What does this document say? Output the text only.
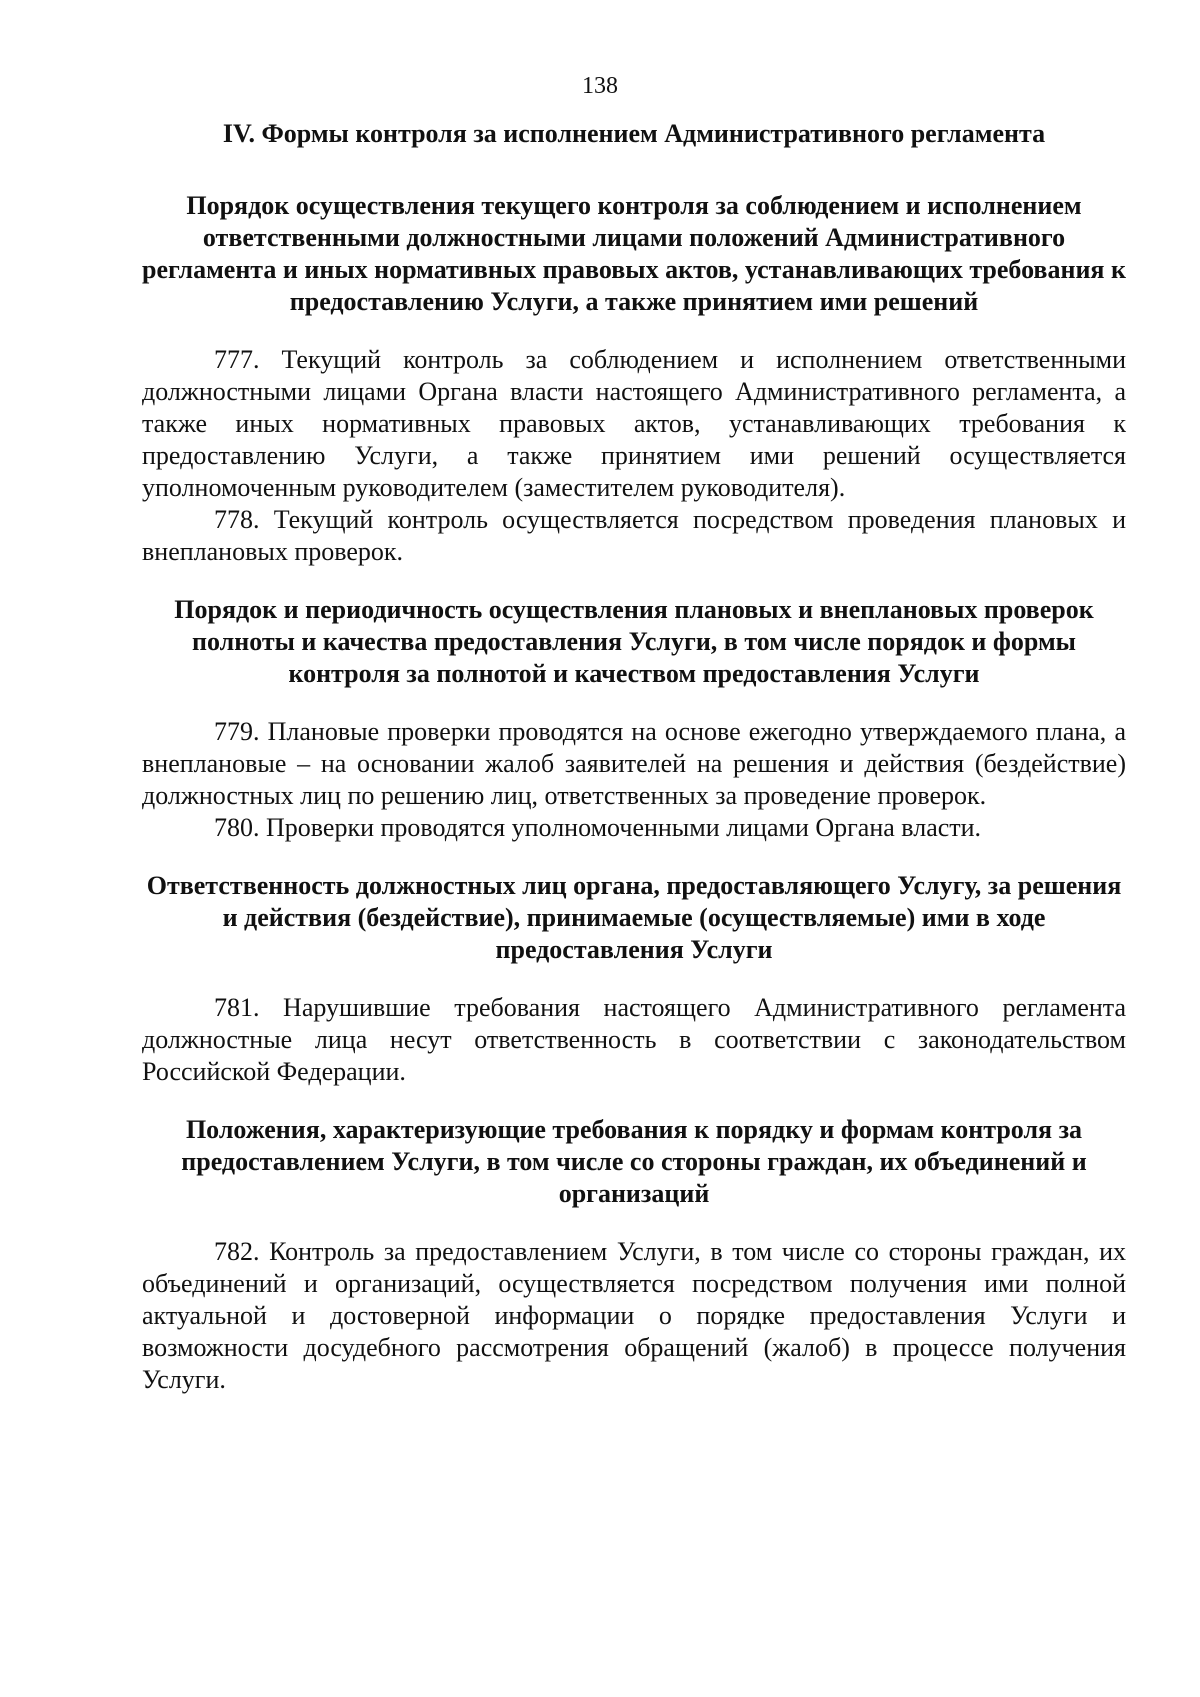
138
IV. Формы контроля за исполнением Административного регламента
Порядок осуществления текущего контроля за соблюдением и исполнением ответственными должностными лицами положений Административного регламента и иных нормативных правовых актов, устанавливающих требования к предоставлению Услуги, а также принятием ими решений

777. Текущий контроль за соблюдением и исполнением ответственными должностными лицами Органа власти настоящего Административного регламента, а также иных нормативных правовых актов, устанавливающих требования к предоставлению Услуги, а также принятием ими решений осуществляется уполномоченным руководителем (заместителем руководителя).

778. Текущий контроль осуществляется посредством проведения плановых и внеплановых проверок.

Порядок и периодичность осуществления плановых и внеплановых проверок полноты и качества предоставления Услуги, в том числе порядок и формы контроля за полнотой и качеством предоставления Услуги

779. Плановые проверки проводятся на основе ежегодно утверждаемого плана, а внеплановые – на основании жалоб заявителей на решения и действия (бездействие) должностных лиц по решению лиц, ответственных за проведение проверок.

780. Проверки проводятся уполномоченными лицами Органа власти.

Ответственность должностных лиц органа, предоставляющего Услугу, за решения и действия (бездействие), принимаемые (осуществляемые) ими в ходе предоставления Услуги

781. Нарушившие требования настоящего Административного регламента должностные лица несут ответственность в соответствии с законодательством Российской Федерации.

Положения, характеризующие требования к порядку и формам контроля за предоставлением Услуги, в том числе со стороны граждан, их объединений и организаций

782. Контроль за предоставлением Услуги, в том числе со стороны граждан, их объединений и организаций, осуществляется посредством получения ими полной актуальной и достоверной информации о порядке предоставления Услуги и возможности досудебного рассмотрения обращений (жалоб) в процессе получения Услуги.
